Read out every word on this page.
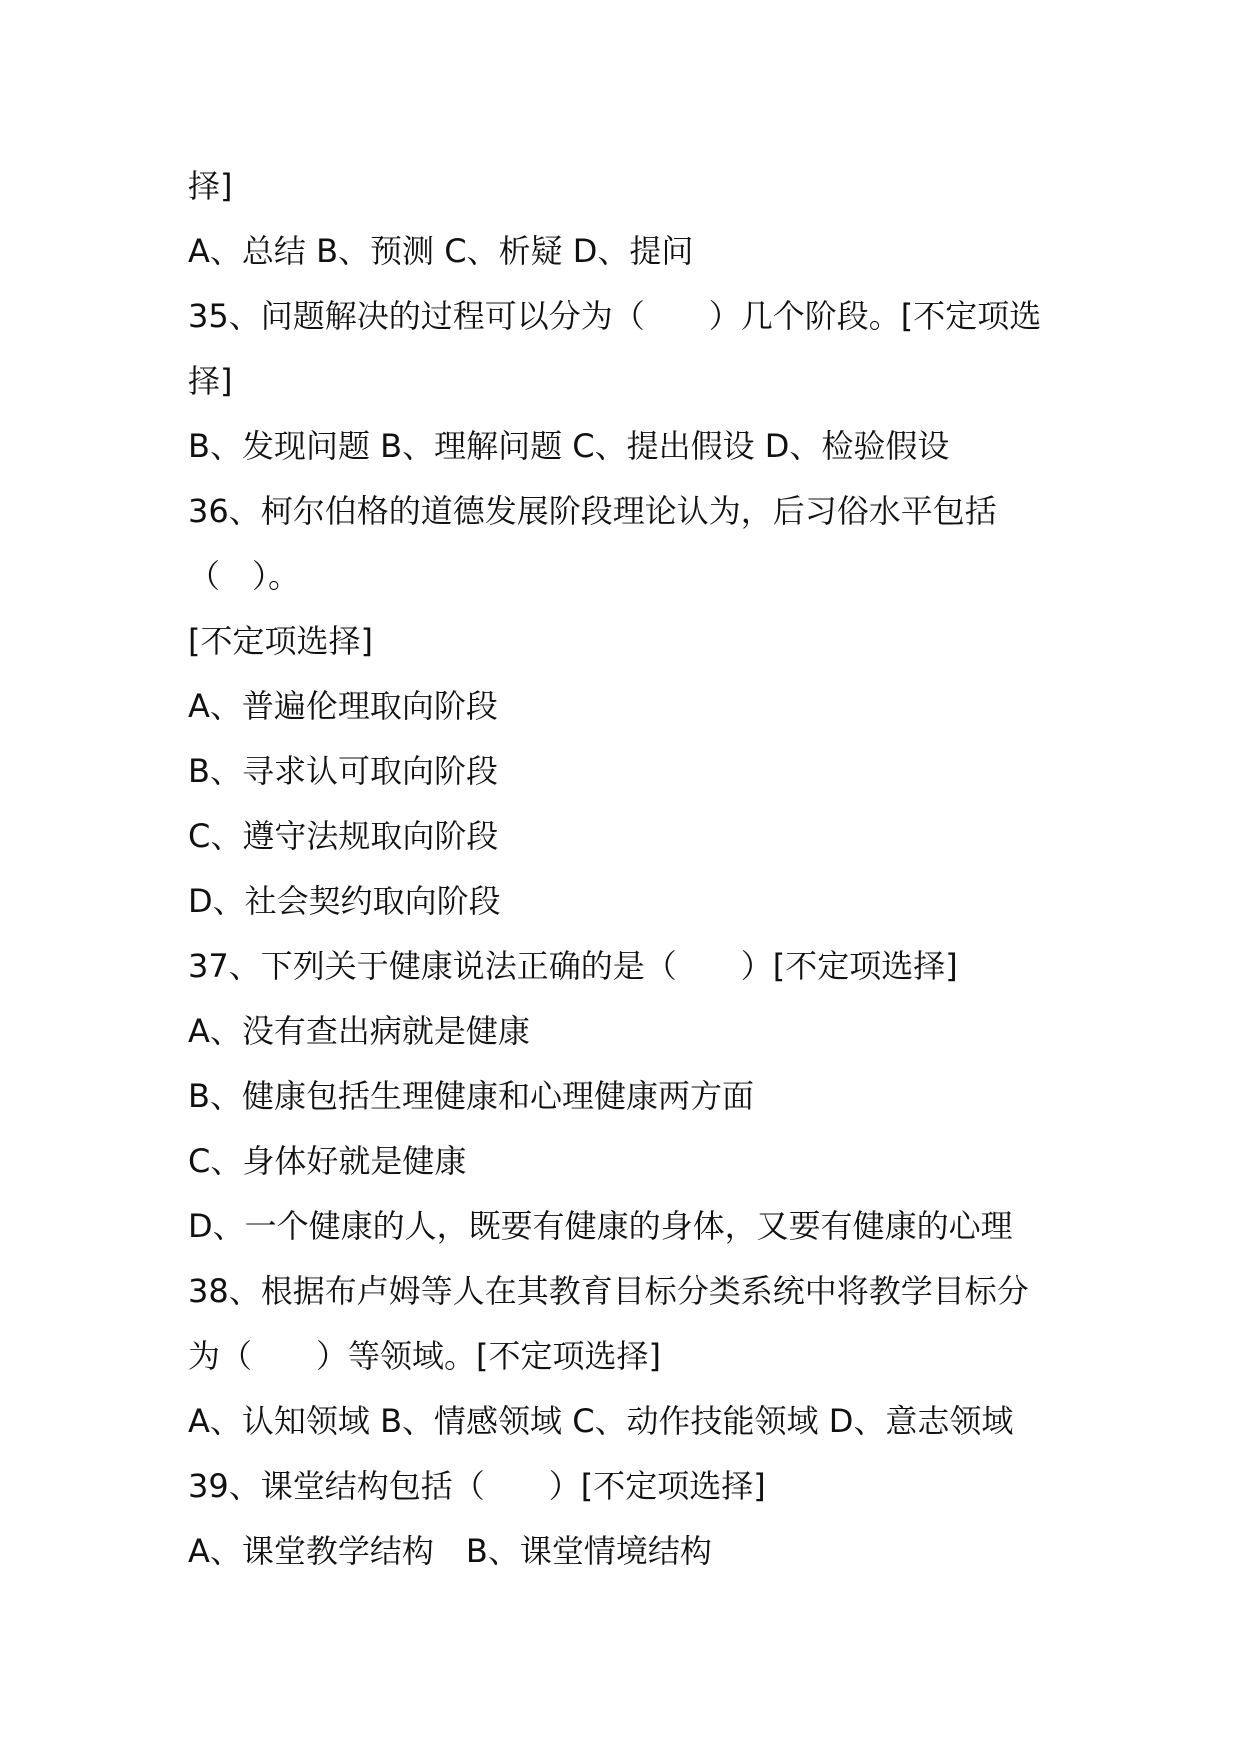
择]
A、总结 B、预测 C、析疑 D、提问
35、问题解决的过程可以分为（　　）几个阶段。[不定项选
择]
B、发现问题 B、理解问题 C、提出假设 D、检验假设
36、柯尔伯格的道德发展阶段理论认为，后习俗水平包括
（　）。
[不定项选择]
A、普遍伦理取向阶段
B、寻求认可取向阶段
C、遵守法规取向阶段
D、社会契约取向阶段
37、下列关于健康说法正确的是（　　）[不定项选择]
A、没有查出病就是健康
B、健康包括生理健康和心理健康两方面
C、身体好就是健康
D、一个健康的人，既要有健康的身体，又要有健康的心理
38、根据布卢姆等人在其教育目标分类系统中将教学目标分
为（　　）等领域。[不定项选择]
A、认知领域 B、情感领域 C、动作技能领域 D、意志领域
39、课堂结构包括（　　）[不定项选择]
A、课堂教学结构　B、课堂情境结构
